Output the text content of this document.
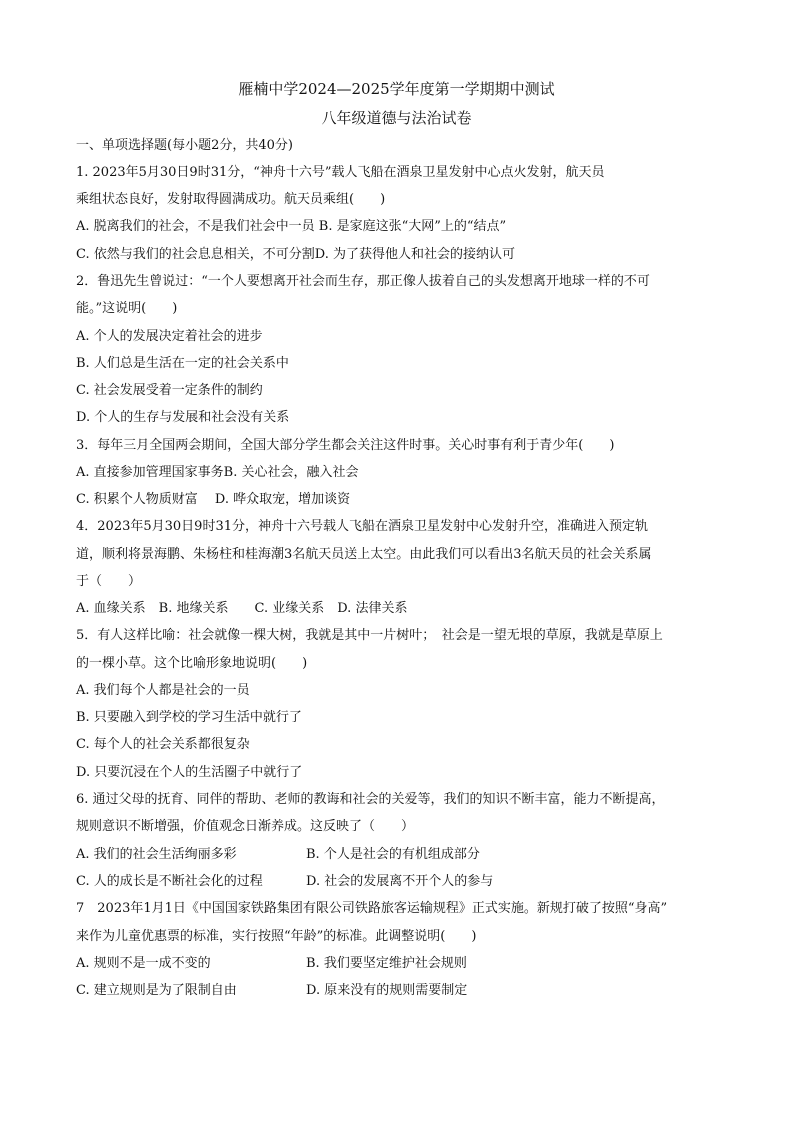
雁楠中学2024—2025学年度第一学期期中测试
八年级道德与法治试卷
一、单项选择题(每小题2分，共40分)
1. 2023年5月30日9时31分，“神舟十六号”载人飞船在酒泉卫星发射中心点火发射，航天员
乘组状态良好，发射取得圆满成功。航天员乘组(　　)
A. 脱离我们的社会，不是我们社会中一员 B. 是家庭这张“大网”上的“结点”
C. 依然与我们的社会息息相关，不可分割D. 为了获得他人和社会的接纳认可
2．鲁迅先生曾说过：“一个人要想离开社会而生存，那正像人拔着自己的头发想离开地球一样的不可
能。”这说明(　　)
A. 个人的发展决定着社会的进步
B. 人们总是生活在一定的社会关系中
C. 社会发展受着一定条件的制约
D. 个人的生存与发展和社会没有关系
3．每年三月全国两会期间，全国大部分学生都会关注这件时事。关心时事有利于青少年(　　)
A. 直接参加管理国家事务B. 关心社会，融入社会
C. 积累个人物质财富　 D. 哗众取宠，增加谈资
4．2023年5月30日9时31分，神舟十六号载人飞船在酒泉卫星发射中心发射升空，准确进入预定轨
道，顺利将景海鹏、朱杨柱和桂海潮3名航天员送上太空。由此我们可以看出3名航天员的社会关系属
于（　　）
A. 血缘关系　B. 地缘关系　　C. 业缘关系　D. 法律关系
5．有人这样比喻：社会就像一棵大树，我就是其中一片树叶；　社会是一望无垠的草原，我就是草原上
的一棵小草。这个比喻形象地说明(　　)
A. 我们每个人都是社会的一员
B. 只要融入到学校的学习生活中就行了
C. 每个人的社会关系都很复杂
D. 只要沉浸在个人的生活圈子中就行了
6. 通过父母的抚育、同伴的帮助、老师的教诲和社会的关爱等，我们的知识不断丰富，能力不断提高，
规则意识不断增强，价值观念日渐养成。这反映了（　　）
A. 我们的社会生活绚丽多彩	B. 个人是社会的有机组成部分
C. 人的成长是不断社会化的过程	D. 社会的发展离不开个人的参与
7　2023年1月1日《中国国家铁路集团有限公司铁路旅客运输规程》正式实施。新规打破了按照“身高”
来作为儿童优惠票的标准，实行按照“年龄”的标准。此调整说明(　　)
A. 规则不是一成不变的	B. 我们要坚定维护社会规则
C. 建立规则是为了限制自由	D. 原来没有的规则需要制定
